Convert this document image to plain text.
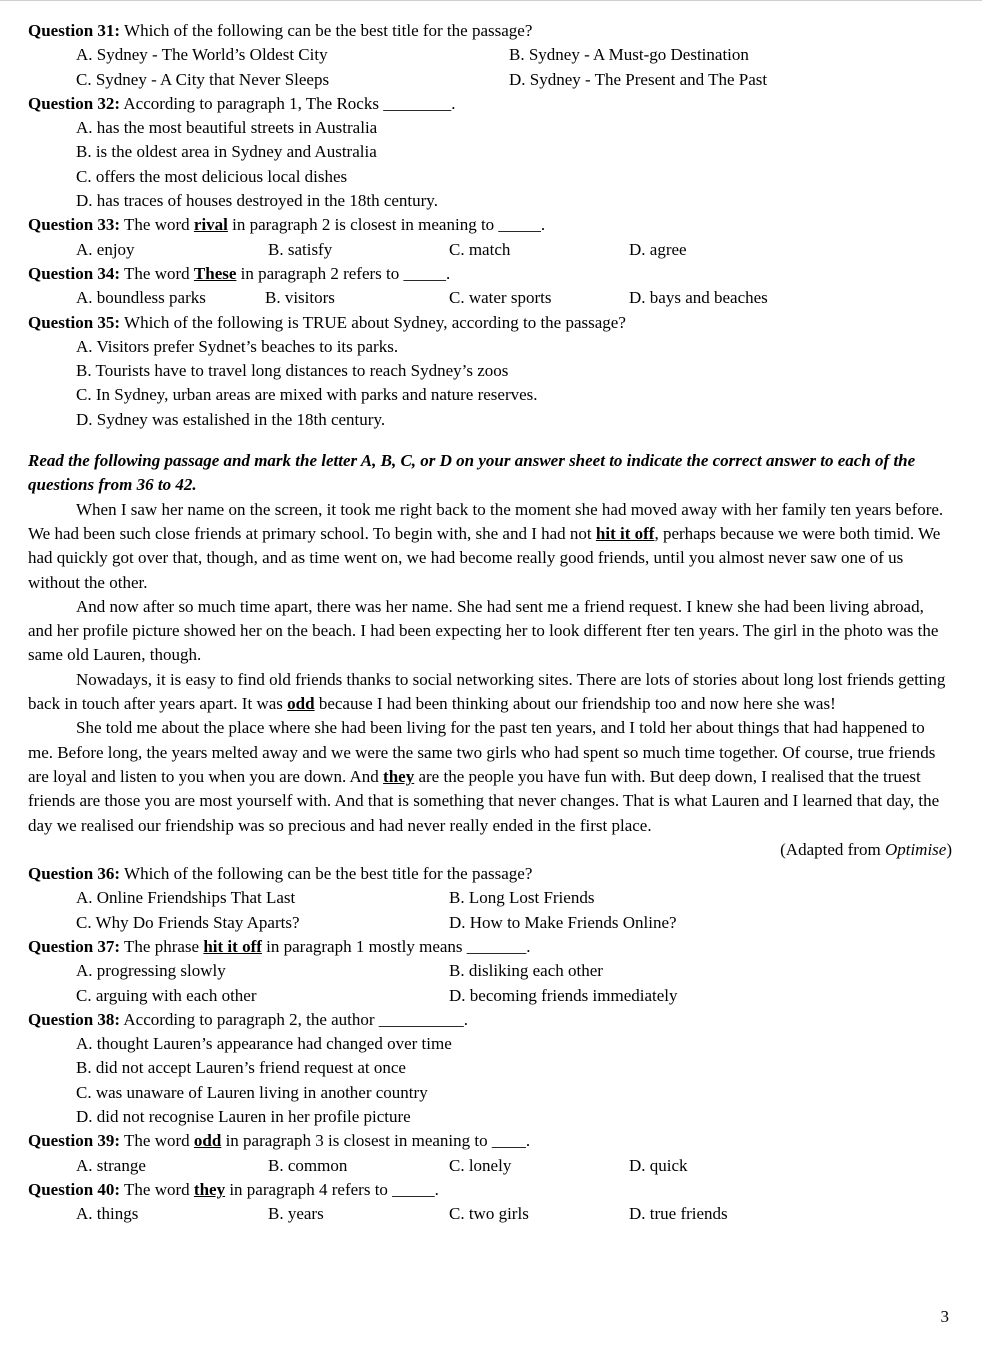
Question 31: Which of the following can be the best title for the passage?
A. Sydney - The World’s Oldest City	B. Sydney - A Must-go Destination
C. Sydney - A City that Never Sleeps	D. Sydney - The Present and The Past
Question 32: According to paragraph 1, The Rocks ________.
A. has the most beautiful streets in Australia
B. is the oldest area in Sydney and Australia
C. offers the most delicious local dishes
D. has traces of houses destroyed in the 18th century.
Question 33: The word rival in paragraph 2 is closest in meaning to _____.
A. enjoy	B. satisfy	C. match	D. agree
Question 34: The word These in paragraph 2 refers to _____.
A. boundless parks	B. visitors	C. water sports	D. bays and beaches
Question 35: Which of the following is TRUE about Sydney, according to the passage?
A. Visitors prefer Sydnet’s beaches to its parks.
B. Tourists have to travel long distances to reach Sydney’s zoos
C. In Sydney, urban areas are mixed with parks and nature reserves.
D. Sydney was estalished in the 18th century.
Read the following passage and mark the letter A, B, C, or D on your answer sheet to indicate the correct answer to each of the questions from 36 to 42.

When I saw her name on the screen, it took me right back to the moment she had moved away with her family ten years before. We had been such close friends at primary school. To begin with, she and I had not hit it off, perhaps because we were both timid. We had quickly got over that, though, and as time went on, we had become really good friends, until you almost never saw one of us without the other.

And now after so much time apart, there was her name. She had sent me a friend request. I knew she had been living abroad, and her profile picture showed her on the beach. I had been expecting her to look different fter ten years. The girl in the photo was the same old Lauren, though.

Nowadays, it is easy to find old friends thanks to social networking sites. There are lots of stories about long lost friends getting back in touch after years apart. It was odd because I had been thinking about our friendship too and now here she was!

She told me about the place where she had been living for the past ten years, and I told her about things that had happened to me. Before long, the years melted away and we were the same two girls who had spent so much time together. Of course, true friends are loyal and listen to you when you are down. And they are the people you have fun with. But deep down, I realised that the truest friends are those you are most yourself with. And that is something that never changes. That is what Lauren and I learned that day, the day we realised our friendship was so precious and had never really ended in the first place.

(Adapted from Optimise)
Question 36: Which of the following can be the best title for the passage?
A. Online Friendships That Last	B. Long Lost Friends
C. Why Do Friends Stay Aparts?	D. How to Make Friends Online?
Question 37: The phrase hit it off in paragraph 1 mostly means _______.
A. progressing slowly	B. disliking each other
C. arguing with each other	D. becoming friends immediately
Question 38: According to paragraph 2, the author __________.
A. thought Lauren’s appearance had changed over time
B. did not accept Lauren’s friend request at once
C. was unaware of Lauren living in another country
D. did not recognise Lauren in her profile picture
Question 39: The word odd in paragraph 3 is closest in meaning to ____.
A. strange	B. common	C. lonely	D. quick
Question 40: The word they in paragraph 4 refers to _____.
A. things	B. years	C. two girls	D. true friends
3
